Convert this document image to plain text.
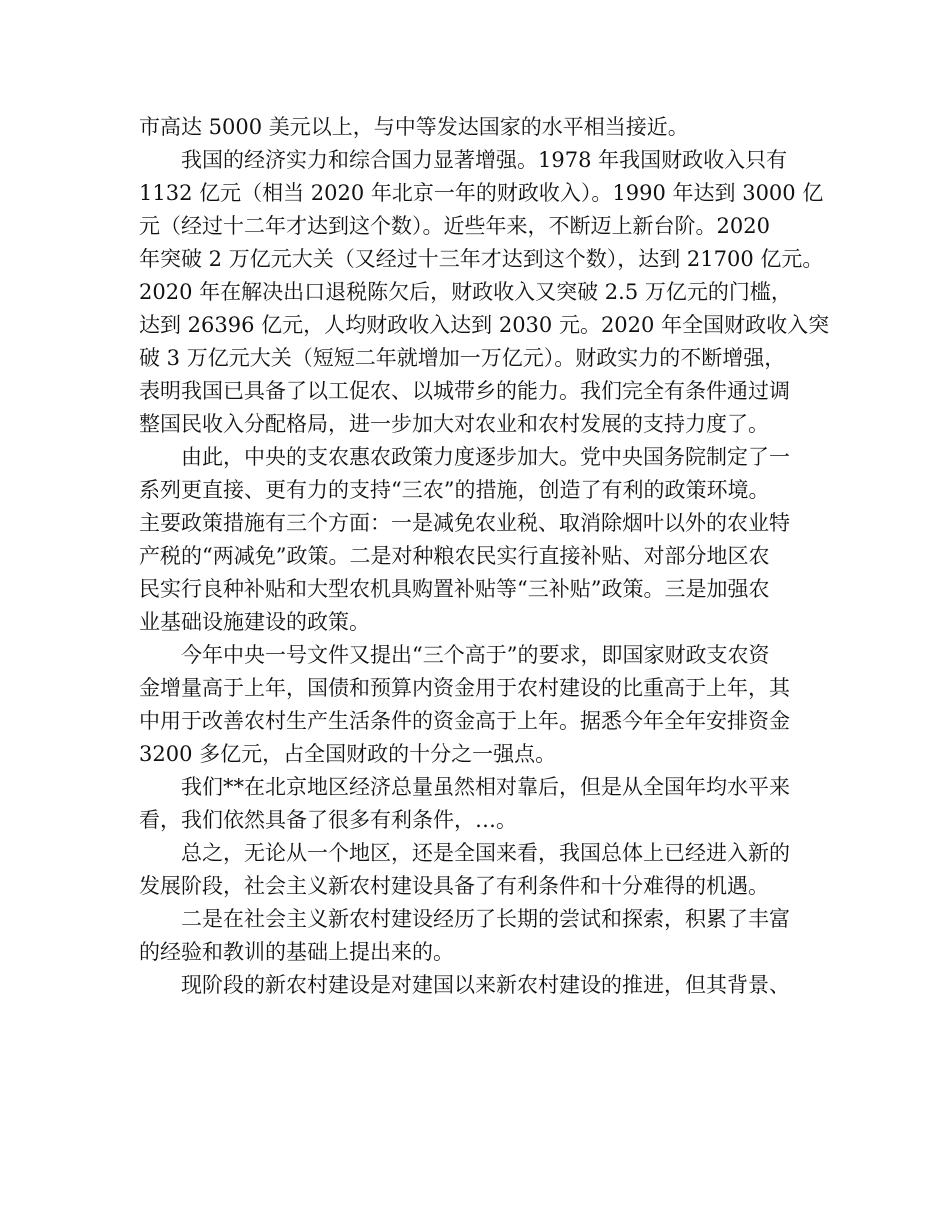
市高达 5000 美元以上，与中等发达国家的水平相当接近。

我国的经济实力和综合国力显著增强。1978 年我国财政收入只有

1132 亿元（相当 2020 年北京一年的财政收入）。1990 年达到 3000 亿

元（经过十二年才达到这个数）。近些年来，不断迈上新台阶。2020

年突破 2 万亿元大关（又经过十三年才达到这个数），达到 21700 亿元。

2020 年在解决出口退税陈欠后，财政收入又突破 2.5 万亿元的门槛，

达到 26396 亿元，人均财政收入达到 2030 元。2020 年全国财政收入突

破 3 万亿元大关（短短二年就增加一万亿元）。财政实力的不断增强，

表明我国已具备了以工促农、以城带乡的能力。我们完全有条件通过调

整国民收入分配格局，进一步加大对农业和农村发展的支持力度了。

由此，中央的支农惠农政策力度逐步加大。党中央国务院制定了一

系列更直接、更有力的支持“三农”的措施，创造了有利的政策环境。

主要政策措施有三个方面：一是减免农业税、取消除烟叶以外的农业特

产税的“两减免”政策。二是对种粮农民实行直接补贴、对部分地区农

民实行良种补贴和大型农机具购置补贴等“三补贴”政策。三是加强农

业基础设施建设的政策。

今年中央一号文件又提出“三个高于”的要求，即国家财政支农资

金增量高于上年，国债和预算内资金用于农村建设的比重高于上年，其

中用于改善农村生产生活条件的资金高于上年。据悉今年全年安排资金

3200 多亿元，占全国财政的十分之一强点。

我们**在北京地区经济总量虽然相对靠后，但是从全国年均水平来

看，我们依然具备了很多有利条件，…。

总之，无论从一个地区，还是全国来看，我国总体上已经进入新的

发展阶段，社会主义新农村建设具备了有利条件和十分难得的机遇。

二是在社会主义新农村建设经历了长期的尝试和探索，积累了丰富

的经验和教训的基础上提出来的。

现阶段的新农村建设是对建国以来新农村建设的推进，但其背景、
